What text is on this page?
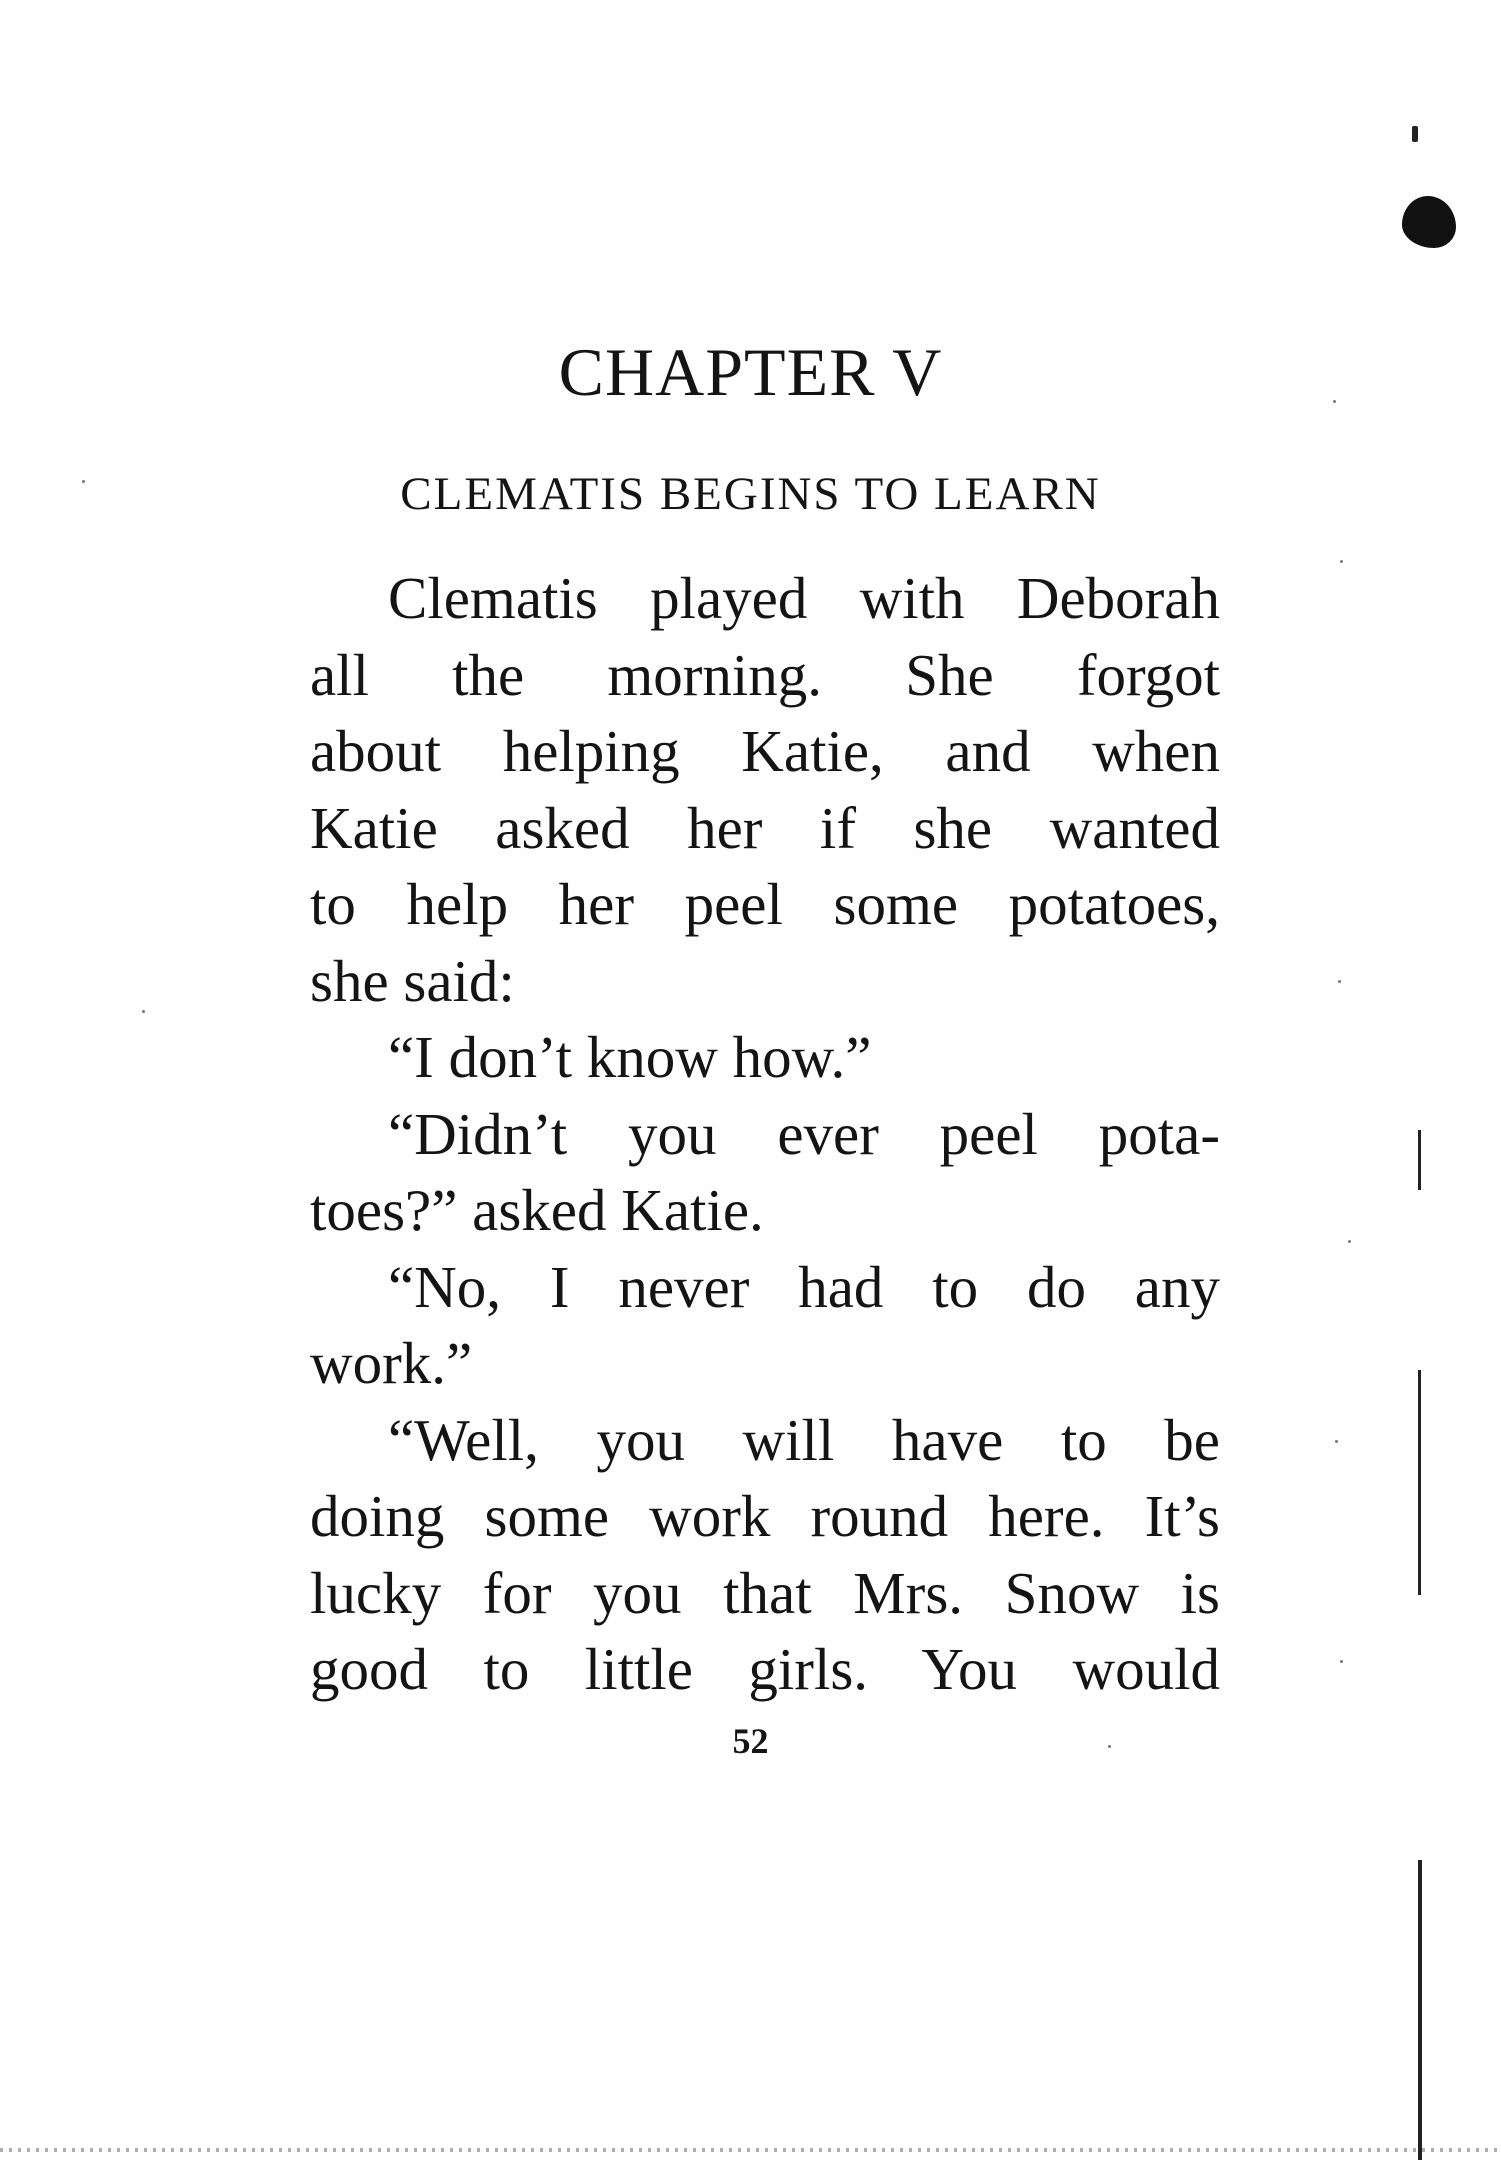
CHAPTER V
CLEMATIS BEGINS TO LEARN
Clematis played with Deborah
all the morning. She forgot
about helping Katie, and when
Katie asked her if she wanted
to help her peel some potatoes,
she said:
“I don’t know how.”
“Didn’t you ever peel pota-
toes?” asked Katie.
“No, I never had to do any
work.”
“Well, you will have to be
doing some work round here. It’s
lucky for you that Mrs. Snow is
good to little girls. You would
52
